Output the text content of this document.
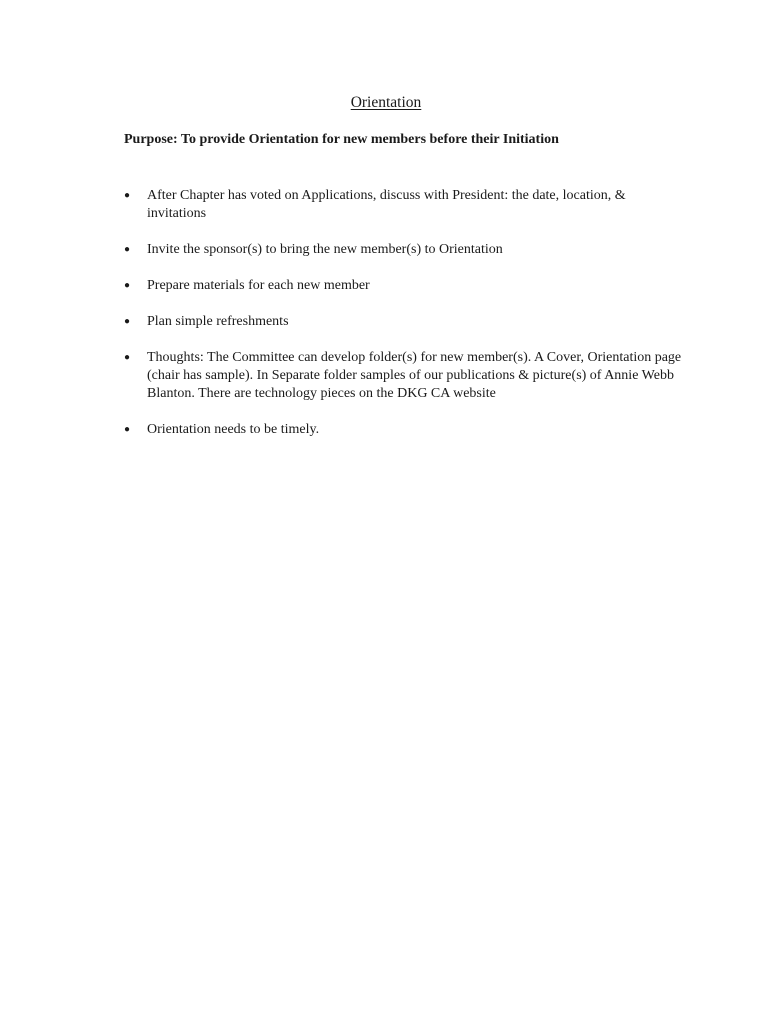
Orientation
Purpose: To provide Orientation for new members before their Initiation
● After Chapter has voted on Applications, discuss with President: the date, location, & invitations
● Invite the sponsor(s) to bring the new member(s) to Orientation
● Prepare materials for each new member
● Plan simple refreshments
● Thoughts: The Committee can develop folder(s) for new member(s). A Cover, Orientation page (chair has sample). In Separate folder samples of our publications & picture(s) of Annie Webb Blanton. There are technology pieces on the DKG CA website
● Orientation needs to be timely.
